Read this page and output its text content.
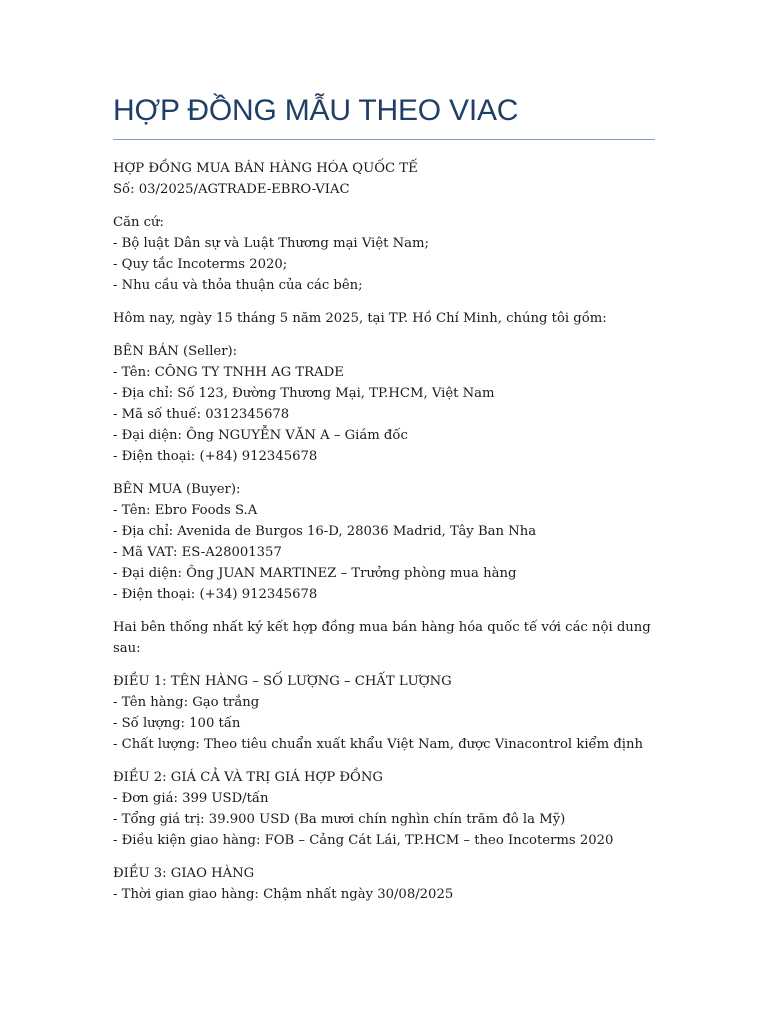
HỢP ĐỒNG MẪU THEO VIAC
HỢP ĐỒNG MUA BÁN HÀNG HÓA QUỐC TẾ
Số: 03/2025/AGTRADE-EBRO-VIAC
Căn cứ:
- Bộ luật Dân sự và Luật Thương mại Việt Nam;
- Quy tắc Incoterms 2020;
- Nhu cầu và thỏa thuận của các bên;
Hôm nay, ngày 15 tháng 5 năm 2025, tại TP. Hồ Chí Minh, chúng tôi gồm:
BÊN BÁN (Seller):
- Tên: CÔNG TY TNHH AG TRADE
- Địa chỉ: Số 123, Đường Thương Mại, TP.HCM, Việt Nam
- Mã số thuế: 0312345678
- Đại diện: Ông NGUYỄN VĂN A – Giám đốc
- Điện thoại: (+84) 912345678
BÊN MUA (Buyer):
- Tên: Ebro Foods S.A
- Địa chỉ: Avenida de Burgos 16-D, 28036 Madrid, Tây Ban Nha
- Mã VAT: ES-A28001357
- Đại diện: Ông JUAN MARTINEZ – Trưởng phòng mua hàng
- Điện thoại: (+34) 912345678
Hai bên thống nhất ký kết hợp đồng mua bán hàng hóa quốc tế với các nội dung sau:
ĐIỀU 1: TÊN HÀNG – SỐ LƯỢNG – CHẤT LƯỢNG
- Tên hàng: Gạo trắng
- Số lượng: 100 tấn
- Chất lượng: Theo tiêu chuẩn xuất khẩu Việt Nam, được Vinacontrol kiểm định
ĐIỀU 2: GIÁ CẢ VÀ TRỊ GIÁ HỢP ĐỒNG
- Đơn giá: 399 USD/tấn
- Tổng giá trị: 39.900 USD (Ba mươi chín nghìn chín trăm đô la Mỹ)
- Điều kiện giao hàng: FOB – Cảng Cát Lái, TP.HCM – theo Incoterms 2020
ĐIỀU 3: GIAO HÀNG
- Thời gian giao hàng: Chậm nhất ngày 30/08/2025
